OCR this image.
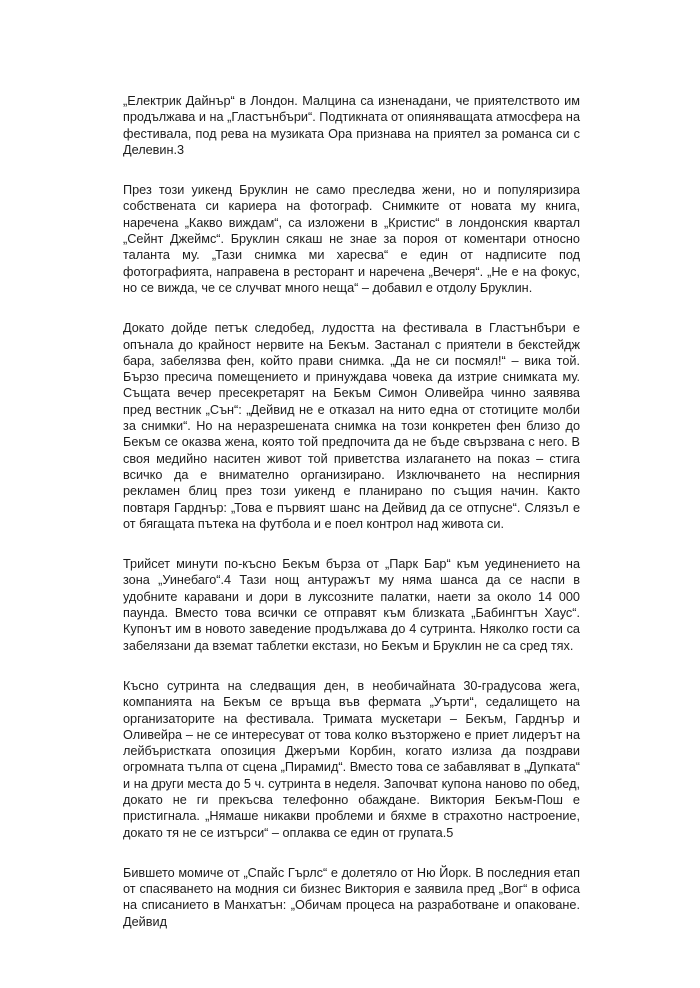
„Електрик Дайнър“ в Лондон. Малцина са изненадани, че приятелството им продължава и на „Гластънбъри“. Подтикната от опияняващата атмосфера на фестивала, под рева на музиката Ора признава на приятел за романса си с Делевин.3

През този уикенд Бруклин не само преследва жени, но и популяризира собствената си кариера на фотограф. Снимките от новата му книга, наречена „Какво виждам“, са изложени в „Кристис“ в лондонския квартал „Сейнт Джеймс“. Бруклин сякаш не знае за пороя от коментари относно таланта му. „Тази снимка ми харесва“ е един от надписите под фотографията, направена в ресторант и наречена „Вечеря“. „Не е на фокус, но се вижда, че се случват много неща“ – добавил е отдолу Бруклин.

Докато дойде петък следобед, лудостта на фестивала в Гластънбъри е опънала до крайност нервите на Бекъм. Застанал с приятели в бекстейдж бара, забелязва фен, който прави снимка. „Да не си посмял!“ – вика той. Бързо пресича помещението и принуждава човека да изтрие снимката му. Същата вечер пресекретарят на Бекъм Симон Оливейра чинно заявява пред вестник „Сън“: „Дейвид не е отказал на нито една от стотиците молби за снимки“. Но на неразрешената снимка на този конкретен фен близо до Бекъм се оказва жена, която той предпочита да не бъде свързвана с него. В своя медийно наситен живот той приветства излагането на показ – стига всичко да е внимателно организирано. Изключването на неспирния рекламен блиц през този уикенд е планирано по същия начин. Както повтаря Гарднър: „Това е първият шанс на Дейвид да се отпусне“. Слязъл е от бягащата пътека на футбола и е поел контрол над живота си.

Трийсет минути по-късно Бекъм бърза от „Парк Бар“ към уединението на зона „Уинебаго“.4 Тази нощ антуражът му няма шанса да се наспи в удобните каравани и дори в луксозните палатки, наети за около 14 000 паунда. Вместо това всички се отправят към близката „Бабингтън Хаус“. Купонът им в новото заведение продължава до 4 сутринта. Няколко гости са забелязани да вземат таблетки екстази, но Бекъм и Бруклин не са сред тях.

Късно сутринта на следващия ден, в необичайната 30-градусова жега, компанията на Бекъм се връща във фермата „Уърти“, седалището на организаторите на фестивала. Тримата мускетари – Бекъм, Гарднър и Оливейра – не се интересуват от това колко възторжено е приет лидерът на лейбъристката опозиция Джеръми Корбин, когато излиза да поздрави огромната тълпа от сцена „Пирамид“. Вместо това се забавляват в „Дупката“ и на други места до 5 ч. сутринта в неделя. Започват купона наново по обед, докато не ги прекъсва телефонно обаждане. Виктория Бекъм-Пош е пристигнала. „Нямаше никакви проблеми и бяхме в страхотно настроение, докато тя не се изтърси“ – оплаква се един от групата.5

Бившето момиче от „Спайс Гърлс“ е долетяло от Ню Йорк. В последния етап от спасяването на модния си бизнес Виктория е заявила пред „Вог“ в офиса на списанието в Манхатън: „Обичам процеса на разработване и опаковане. Дейвид
